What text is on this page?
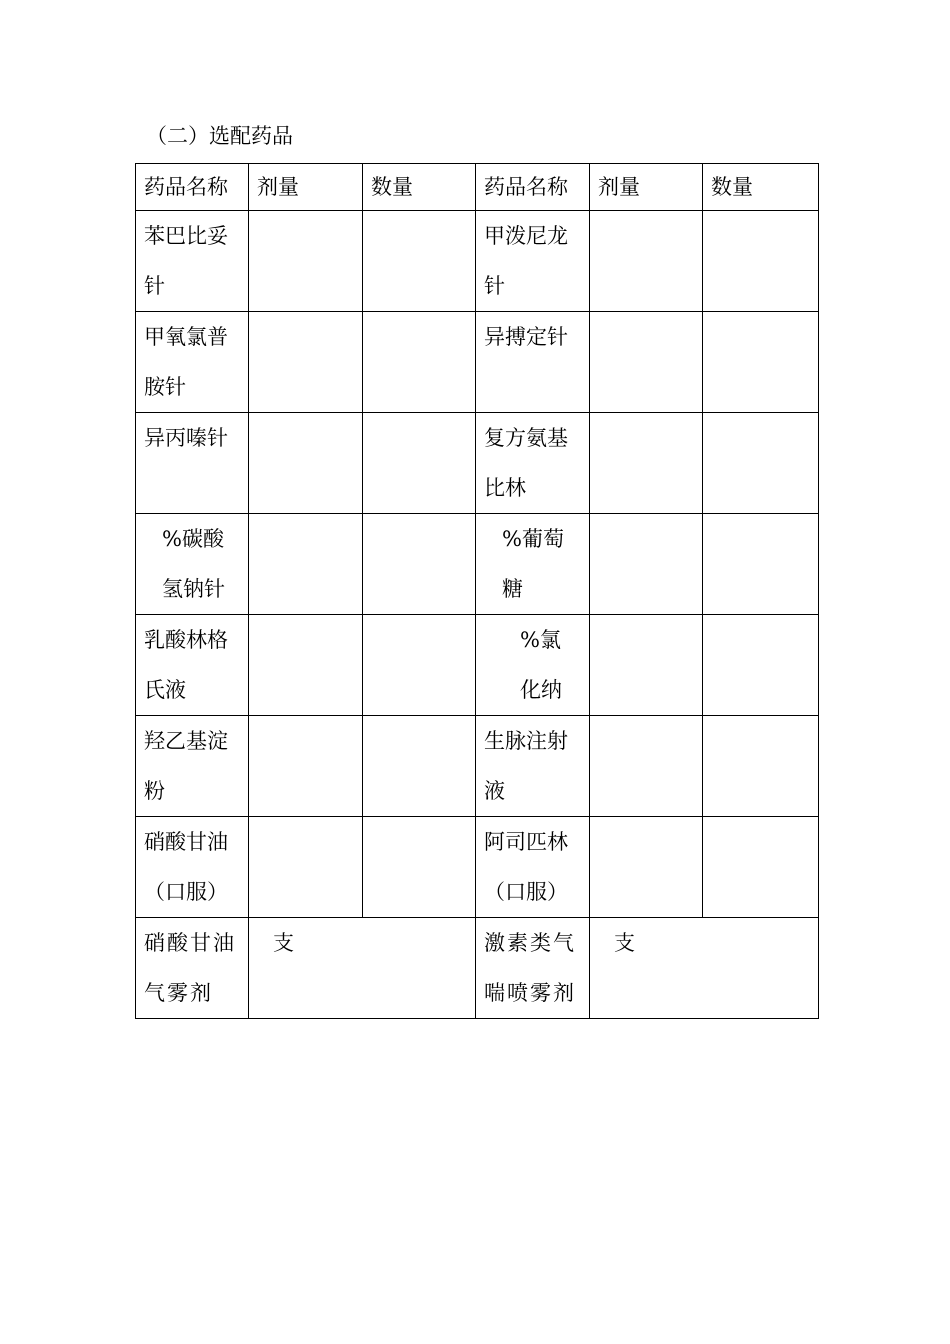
（二）选配药品
药品名称	剂量	数量	药品名称	剂量	数量

苯巴比妥针			甲泼尼龙针		

甲氧氯普胺针			异搏定针		

异丙嗪针			复方氨基比林		

%碳酸氢钠针			%葡萄糖		

乳酸林格氏液			%氯化纳		

羟乙基淀粉			生脉注射液		

硝酸甘油（口服）			阿司匹林（口服）		

硝酸甘油气雾剂	支		激素类气喘喷雾剂	支	
